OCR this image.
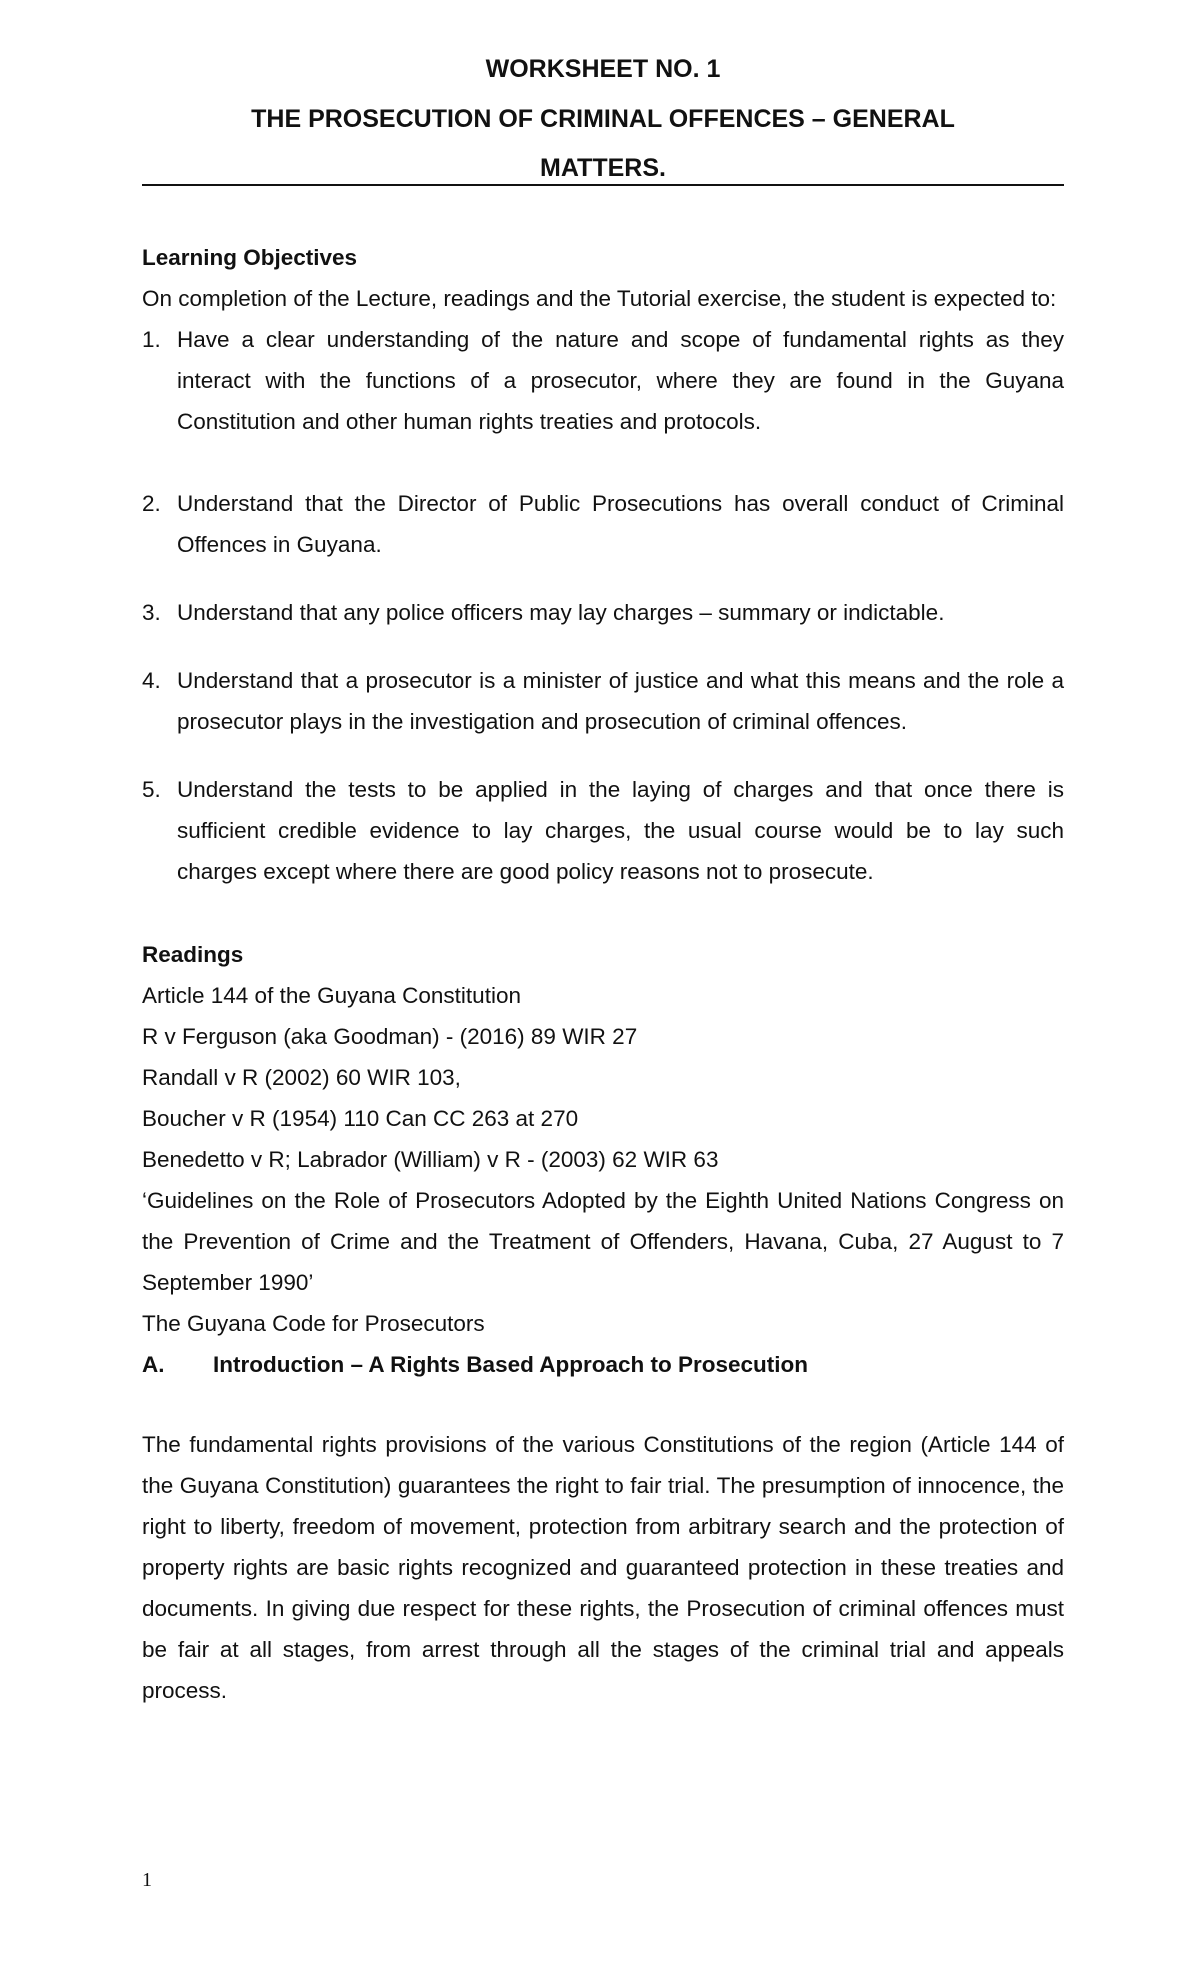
WORKSHEET NO. 1
THE PROSECUTION OF CRIMINAL OFFENCES – GENERAL
MATTERS.

Learning Objectives

On completion of the Lecture, readings and the Tutorial exercise, the student is expected to:

1. Have a clear understanding of the nature and scope of fundamental rights as they interact with the functions of a prosecutor, where they are found in the Guyana Constitution and other human rights treaties and protocols.
2. Understand that the Director of Public Prosecutions has overall conduct of Criminal Offences in Guyana.
3. Understand that any police officers may lay charges – summary or indictable.
4. Understand that a prosecutor is a minister of justice and what this means and the role a prosecutor plays in the investigation and prosecution of criminal offences.
5. Understand the tests to be applied in the laying of charges and that once there is sufficient credible evidence to lay charges, the usual course would be to lay such charges except where there are good policy reasons not to prosecute.

Readings

Article 144 of the Guyana Constitution

R v Ferguson (aka Goodman) - (2016) 89 WIR 27

Randall v R (2002) 60 WIR 103,

Boucher v R (1954) 110 Can CC 263 at 270

Benedetto v R; Labrador (William) v R - (2003) 62 WIR 63

‘Guidelines on the Role of Prosecutors Adopted by the Eighth United Nations Congress on the Prevention of Crime and the Treatment of Offenders, Havana, Cuba, 27 August to 7 September 1990’

The Guyana Code for Prosecutors

A.	Introduction – A Rights Based Approach to Prosecution

The fundamental rights provisions of the various Constitutions of the region (Article 144 of the Guyana Constitution) guarantees the right to fair trial. The presumption of innocence, the right to liberty, freedom of movement, protection from arbitrary search and the protection of property rights are basic rights recognized and guaranteed protection in these treaties and documents. In giving due respect for these rights, the Prosecution of criminal offences must be fair at all stages, from arrest through all the stages of the criminal trial and appeals process.

1
